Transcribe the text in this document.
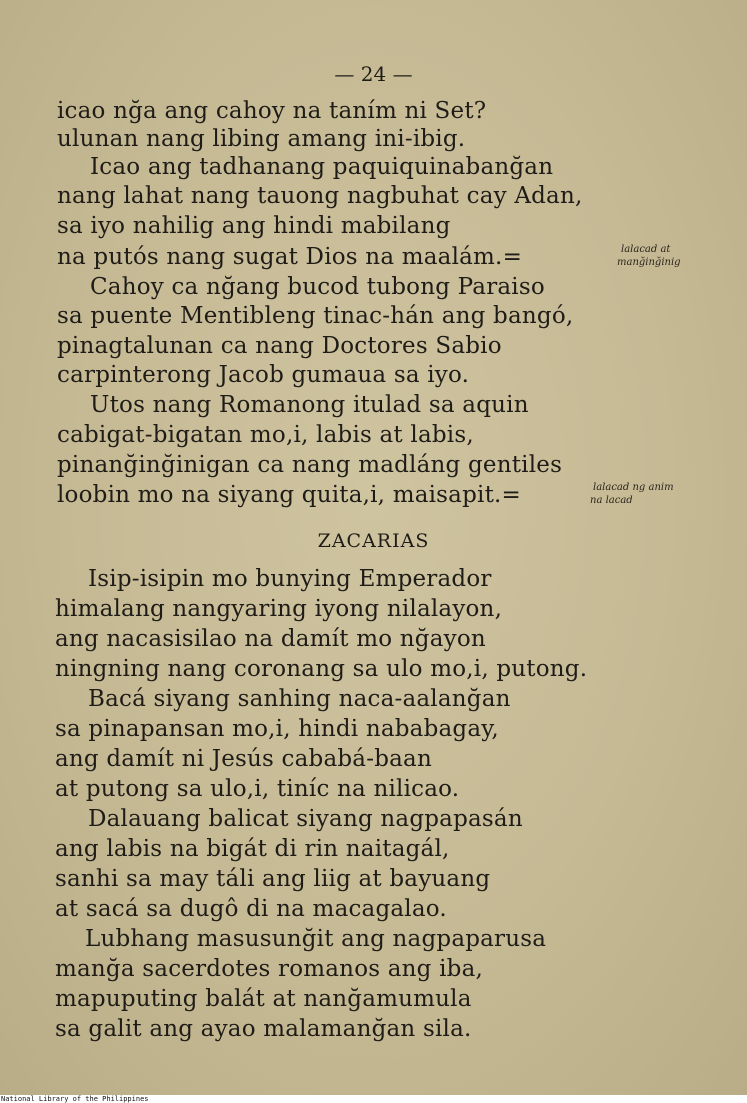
— 24 —
icao nğa ang cahoy na taním ni Set?
ulunan nang libing amang ini-ibig.
Icao ang tadhanang paquiquinabanğan
nang lahat nang tauong nagbuhat cay Adan,
sa iyo nahilig ang hindi mabilang
na putós nang sugat Dios na maalám.=	lalacad at
manğinğinig
Cahoy ca nğang bucod tubong Paraiso
sa puente Mentibleng tinac-hán ang bangó,
pinagtalunan ca nang Doctores Sabio
carpinterong Jacob gumaua sa iyo.
Utos nang Romanong itulad sa aquin
cabigat-bigatan mo,i, labis at labis,
pinanğinğinigan ca nang madláng gentiles
loobin mo na siyang quita,i, maisapit.=	lalacad ng anim
na lacad
ZACARIAS
Isip-isipin mo bunying Emperador
himalang nangyaring iyong nilalayon,
ang nacasisilao na damít mo nğayon
ningning nang coronang sa ulo mo,i, putong.
Bacá siyang sanhing naca-aalanğan
sa pinapansan mo,i, hindi nababagay,
ang damít ni Jesús cababá-baan
at putong sa ulo,i, tiníc na nilicao.
Dalauang balicat siyang nagpapasán
ang labis na bigát di rin naitagál,
sanhi sa may táli ang liig at bayuang
at sacá sa dugô di na macagalao.
Lubhang masusunğit ang nagpaparusa
manğa sacerdotes romanos ang iba,
mapuputing balát at nanğamumula
sa galit ang ayao malamanğan sila.
National Library of the Philippines
